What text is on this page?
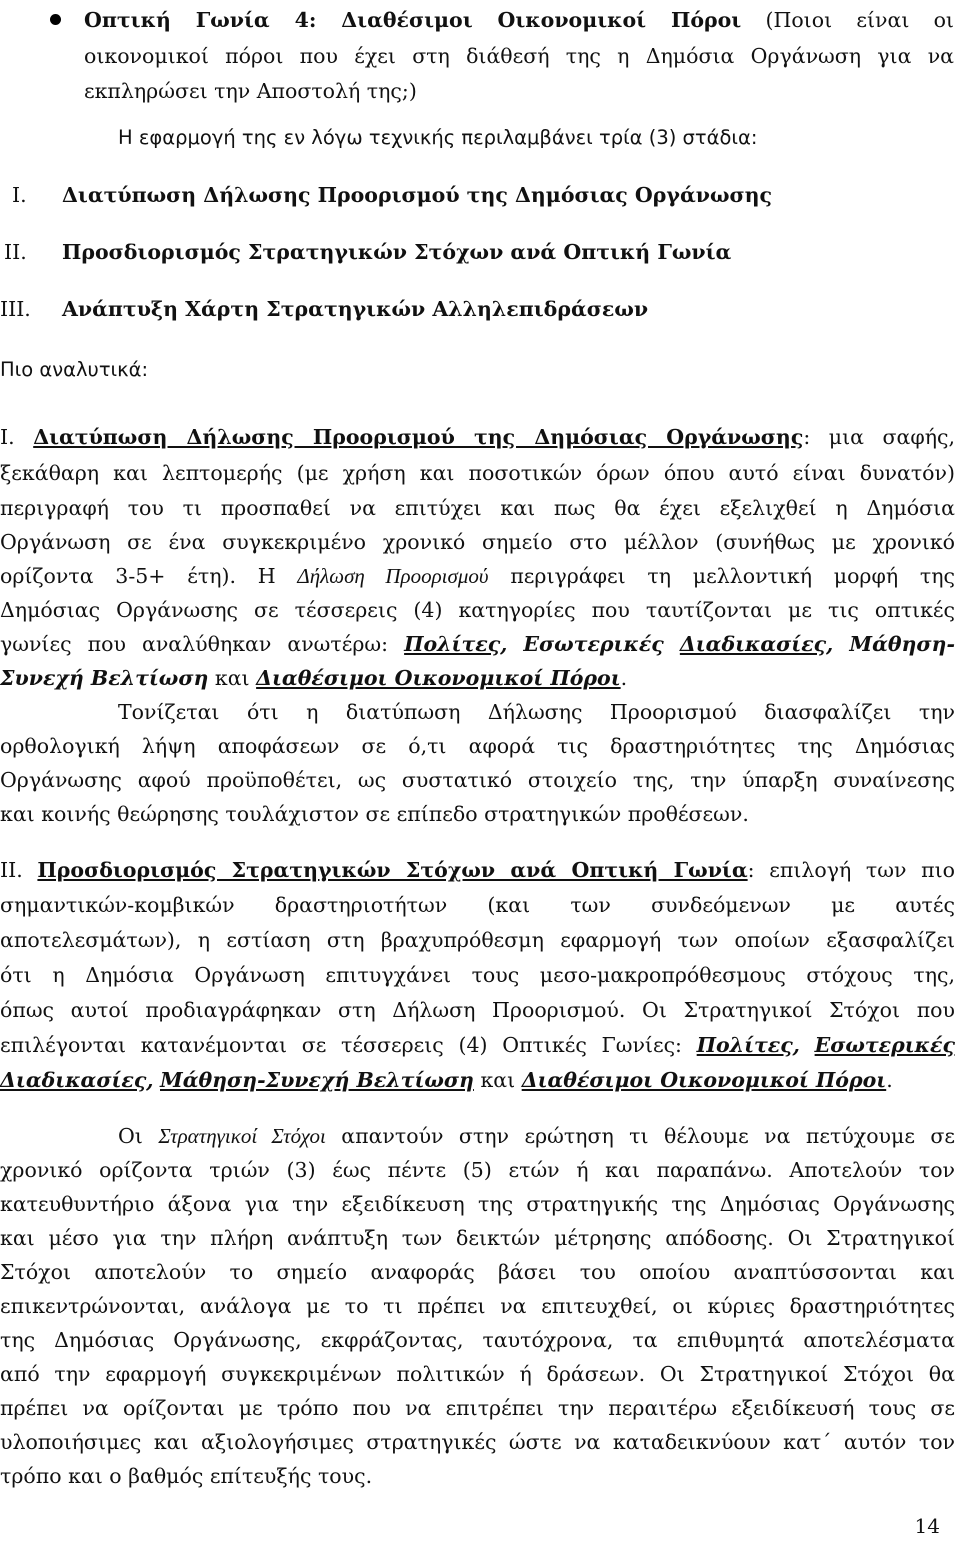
Οπτική Γωνία 4: Διαθέσιμοι Οικονομικοί Πόροι (Ποιοι είναι οι
οικονομικοί πόροι που έχει στη διάθεσή της η Δημόσια Οργάνωση για να
εκπληρώσει την Αποστολή της;)
Η εφαρμογή της εν λόγω τεχνικής περιλαμβάνει τρία (3) στάδια:
I. Διατύπωση Δήλωσης Προορισμού της Δημόσιας Οργάνωσης
II. Προσδιορισμός Στρατηγικών Στόχων ανά Οπτική Γωνία
III. Ανάπτυξη Χάρτη Στρατηγικών Αλληλεπιδράσεων
Πιο αναλυτικά:
I. Διατύπωση Δήλωσης Προορισμού της Δημόσιας Οργάνωσης: μια σαφής,
ξεκάθαρη και λεπτομερής (με χρήση και ποσοτικών όρων όπου αυτό είναι δυνατόν)
περιγραφή του τι προσπαθεί να επιτύχει και πως θα έχει εξελιχθεί η Δημόσια
Οργάνωση σε ένα συγκεκριμένο χρονικό σημείο στο μέλλον (συνήθως με χρονικό
ορίζοντα 3-5+ έτη). Η Δήλωση Προορισμού περιγράφει τη μελλοντική μορφή της
Δημόσιας Οργάνωσης σε τέσσερεις (4) κατηγορίες που ταυτίζονται με τις οπτικές
γωνίες που αναλύθηκαν ανωτέρω: Πολίτες, Εσωτερικές Διαδικασίες, Μάθηση-
Συνεχή Βελτίωση και Διαθέσιμοι Οικονομικοί Πόροι.
Τονίζεται ότι η διατύπωση Δήλωσης Προορισμού διασφαλίζει την
ορθολογική λήψη αποφάσεων σε ό,τι αφορά τις δραστηριότητες της Δημόσιας
Οργάνωσης αφού προϋποθέτει, ως συστατικό στοιχείο της, την ύπαρξη συναίνεσης
και κοινής θεώρησης τουλάχιστον σε επίπεδο στρατηγικών προθέσεων.
II. Προσδιορισμός Στρατηγικών Στόχων ανά Οπτική Γωνία: επιλογή των πιο
σημαντικών-κομβικών δραστηριοτήτων (και των συνδεόμενων με αυτές
αποτελεσμάτων), η εστίαση στη βραχυπρόθεσμη εφαρμογή των οποίων εξασφαλίζει
ότι η Δημόσια Οργάνωση επιτυγχάνει τους μεσο-μακροπρόθεσμους στόχους της,
όπως αυτοί προδιαγράφηκαν στη Δήλωση Προορισμού. Οι Στρατηγικοί Στόχοι που
επιλέγονται κατανέμονται σε τέσσερεις (4) Οπτικές Γωνίες: Πολίτες, Εσωτερικές
Διαδικασίες, Μάθηση-Συνεχή Βελτίωση και Διαθέσιμοι Οικονομικοί Πόροι.
Οι Στρατηγικοί Στόχοι απαντούν στην ερώτηση τι θέλουμε να πετύχουμε σε
χρονικό ορίζοντα τριών (3) έως πέντε (5) ετών ή και παραπάνω. Αποτελούν τον
κατευθυντήριο άξονα για την εξειδίκευση της στρατηγικής της Δημόσιας Οργάνωσης
και μέσο για την πλήρη ανάπτυξη των δεικτών μέτρησης απόδοσης. Οι Στρατηγικοί
Στόχοι αποτελούν το σημείο αναφοράς βάσει του οποίου αναπτύσσονται και
επικεντρώνονται, ανάλογα με το τι πρέπει να επιτευχθεί, οι κύριες δραστηριότητες
της Δημόσιας Οργάνωσης, εκφράζοντας, ταυτόχρονα, τα επιθυμητά αποτελέσματα
από την εφαρμογή συγκεκριμένων πολιτικών ή δράσεων. Οι Στρατηγικοί Στόχοι θα
πρέπει να ορίζονται με τρόπο που να επιτρέπει την περαιτέρω εξειδίκευσή τους σε
υλοποιήσιμες και αξιολογήσιμες στρατηγικές ώστε να καταδεικνύουν κατ΄ αυτόν τον
τρόπο και ο βαθμός επίτευξής τους.
14
